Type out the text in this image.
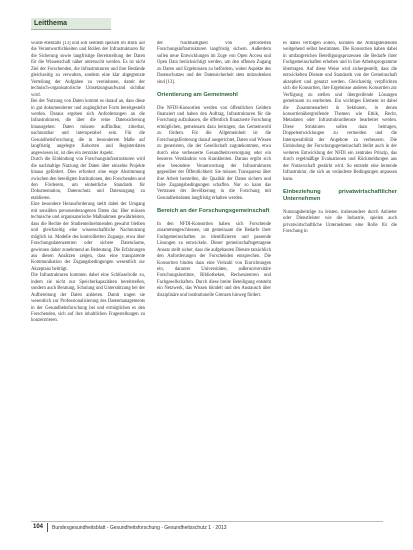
Leitthema

wurde ebenfalls [13] und soll seitdem speziell im Blick auf die Verantwortlichkeiten und Rollen der Infrastrukturen für die Sicherung sowie langfristige Bereitstellung der Daten für die Wissenschaft näher untersucht werden. Es ist nicht Ziel der Forschenden, die Infrastrukturen und ihre Bestände gleichzeitig zu verwalten, sondern eine klar abgegrenzte Verteilung der Aufgaben zu vereinbaren, damit der technisch-organisatorische Umsetzungsaufwand sichtbar wird.

Bei der Nutzung von Daten kommt es darauf an, dass diese in gut dokumentierter und zugänglicher Form bereitgestellt werden. Daraus ergeben sich Anforderungen an die Infrastrukturen, die über die reine Datensicherung hinausgehen: Daten müssen auffindbar, zitierbar, nachnutzbar und interoperabel sein. Für die Gesundheitsforschung, die in besonderem Maße auf langfristig angelegte Kohorten und Registerdaten angewiesen ist, ist dies ein zentraler Aspekt.

Durch die Einbindung von Forschungsinfrastrukturen wird die nachhaltige Nutzung der Daten über einzelne Projekte hinaus gefördert. Dies erfordert eine enge Abstimmung zwischen den beteiligten Institutionen, den Forschenden und den Förderern, um einheitliche Standards für Dokumentation, Datenschutz und Datenzugang zu etablieren.

Eine besondere Herausforderung stellt dabei der Umgang mit sensiblen personenbezogenen Daten dar. Hier müssen technische und organisatorische Maßnahmen gewährleisten, dass die Rechte der Studienteilnehmenden gewahrt bleiben und gleichzeitig eine wissenschaftliche Nachnutzung möglich ist. Modelle des kontrollierten Zugangs, etwa über Forschungsdatenzentren oder sichere Datenräume, gewinnen daher zunehmend an Bedeutung. Die Erfahrungen aus diesen Ansätzen zeigen, dass eine transparente Kommunikation der Zugangsbedingungen wesentlich zur Akzeptanz beiträgt.

Die Infrastrukturen kommen dabei eine Schlüsselrolle zu, indem sie nicht nur Speicherkapazitäten bereitstellen, sondern auch Beratung, Schulung und Unterstützung bei der Aufbereitung der Daten anbieten. Damit tragen sie wesentlich zur Professionalisierung des Datenmanagements in der Gesundheitsforschung bei und ermöglichen es den Forschenden, sich auf ihre inhaltlichen Fragestellungen zu konzentrieren.

der Nachhaltigkeit von geförderten Forschungsinfrastrukturen langfristig sichern. Außerdem sollen neue Entwicklungen im Zuge von Open Access und Open Data berücksichtigt werden, um den offenen Zugang zu Daten und Ergebnissen zu befördern, wobei Aspekte des Datenschutzes und der Datensicherheit stets mitzudenken sind [13].

Orientierung am Gemeinwohl

Die NFDI-Konsortien werden von öffentlichen Geldern finanziert und haben den Auftrag, Infrastrukturen für die Forschung aufzubauen, die öffentlich finanzierte Forschung ermöglichen, gemeinsam dazu beitragen, das Gemeinwohl zu fördern. Für die Allgemeinheit ist die Forschungsförderung darauf ausgerichtet, Daten und Wissen zu generieren, die der Gesellschaft zugutekommen, etwa durch eine verbesserte Gesundheitsversorgung oder ein besseres Verständnis von Krankheiten. Daraus ergibt sich eine besondere Verantwortung der Infrastrukturen gegenüber der Öffentlichkeit: Sie müssen Transparenz über ihre Arbeit herstellen, die Qualität der Daten sichern und faire Zugangsbedingungen schaffen. Nur so kann das Vertrauen der Bevölkerung in die Forschung mit Gesundheitsdaten langfristig erhalten werden.

Bereich an der Forschungsgemeinschaft

In den NFDI-Konsortien haben sich Forschende zusammengeschlossen, um gemeinsam die Bedarfe ihrer Fachgemeinschaften zu identifizieren und passende Lösungen zu entwickeln. Dieser gemeinschaftsgetragene Ansatz stellt sicher, dass die aufgebauten Dienste tatsächlich den Anforderungen der Forschenden entsprechen. Die Konsortien binden dazu eine Vielzahl von Einrichtungen ein, darunter Universitäten, außeruniversitäre Forschungsinstitute, Bibliotheken, Rechenzentren und Fachgesellschaften. Durch diese breite Beteiligung entsteht ein Netzwerk, das Wissen bündelt und den Austausch über disziplinäre und institutionelle Grenzen hinweg fördert.

es dabei verfolgen sollen, konnten die Antragstellenden weitgehend selbst bestimmen. Die Konsortien haben dabei in umfangreichen Beteiligungsprozessen die Bedarfe ihrer Fachgemeinschaften erhoben und in ihre Arbeitsprogramme übertragen. Auf diese Weise wird sichergestellt, dass die entwickelten Dienste und Standards von der Gemeinschaft akzeptiert und genutzt werden. Gleichzeitig verpflichten sich die Konsortien, ihre Ergebnisse anderen Konsortien zur Verfügung zu stellen und übergreifende Lösungen gemeinsam zu erarbeiten. Ein wichtiges Element ist dabei die Zusammenarbeit in Sektionen, in denen konsortienübergreifende Themen wie Ethik, Recht, Metadaten oder Infrastrukturdienste bearbeitet werden. Diese Strukturen sollen dazu beitragen, Doppelentwicklungen zu vermeiden und die Interoperabilität der Angebote zu verbessern. Die Einbindung der Forschungsgemeinschaft bleibt auch in der weiteren Entwicklung der NFDI ein zentrales Prinzip, das durch regelmäßige Evaluationen und Rückmeldungen aus der Nutzerschaft gestärkt wird. So entsteht eine lernende Infrastruktur, die sich an veränderte Bedingungen anpassen kann.

Einbeziehung privatwirtschaftlicher Unternehmen

Nutzungsbeiträge zu leisten, insbesondere durch Anbieter oder Dienstleister wie die Industrie, spielen auch privatwirtschaftliche Unternehmen eine Rolle für die Forschung in

104 Bundesgesundheitsblatt - Gesundheitsforschung - Gesundheitsschutz 1 · 2013
